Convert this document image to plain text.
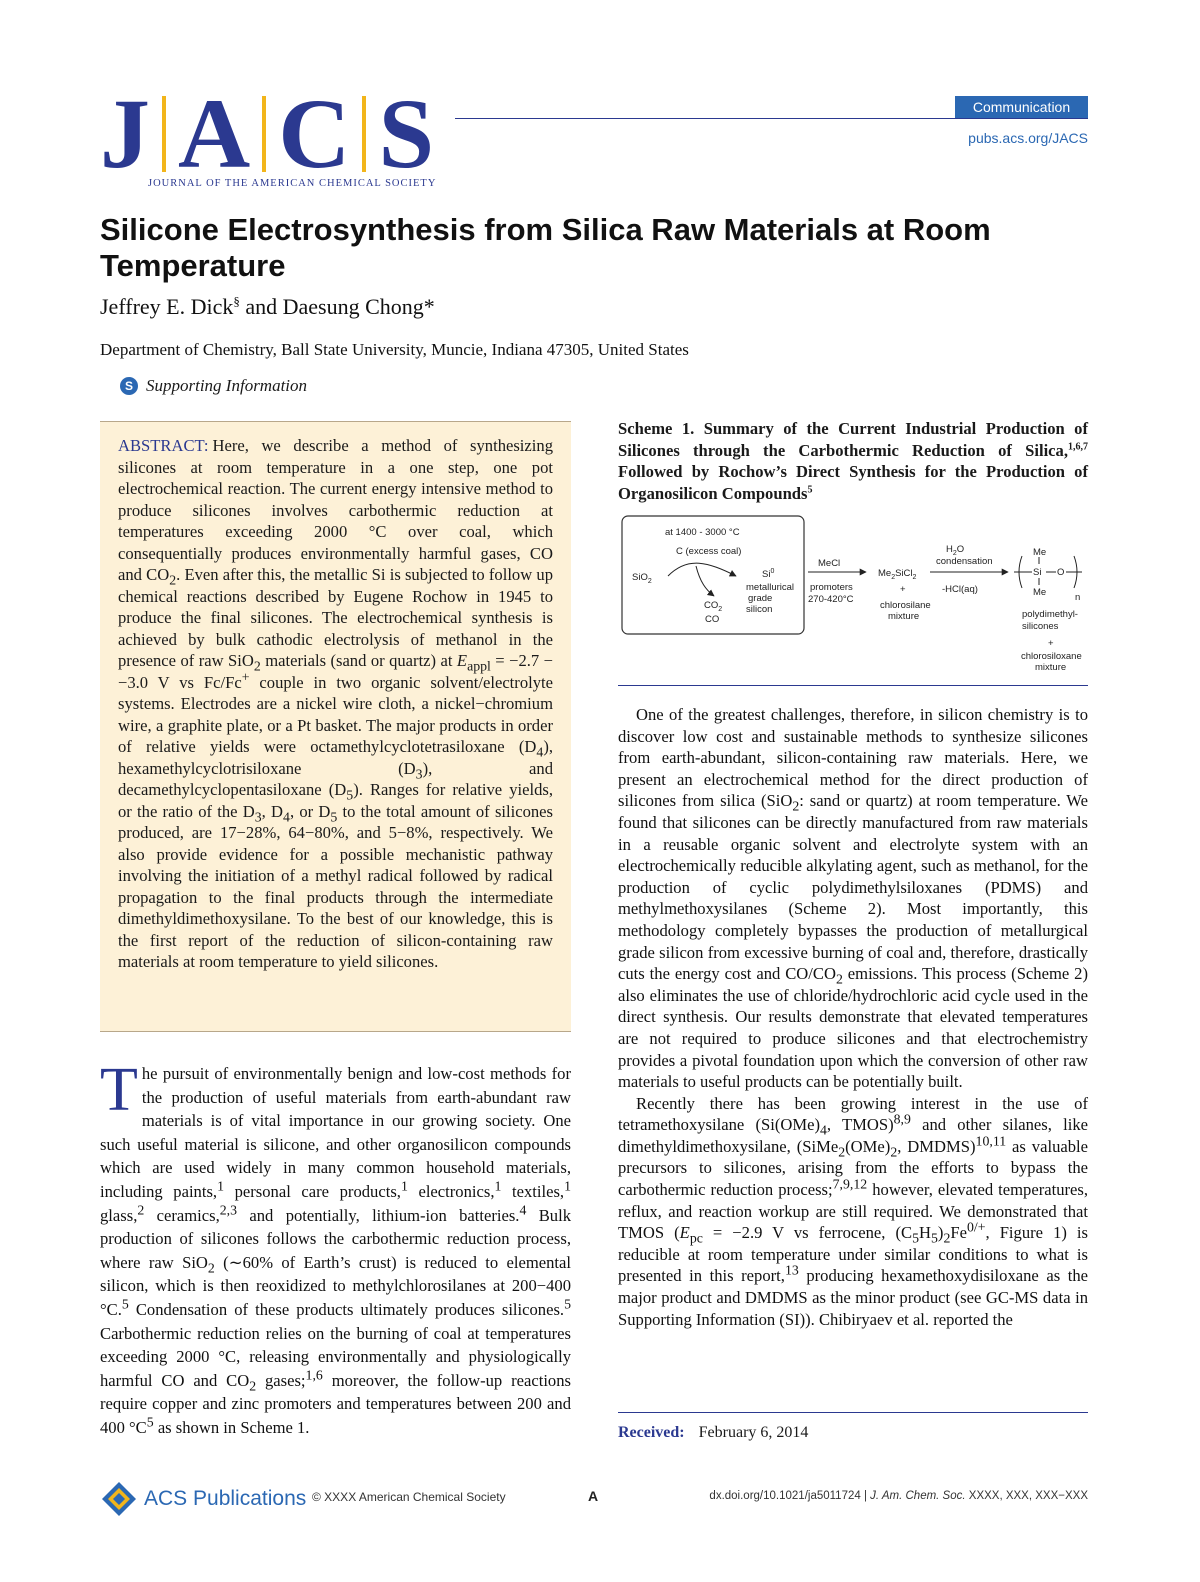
J A C S
JOURNAL OF THE AMERICAN CHEMICAL SOCIETY
Communication
pubs.acs.org/JACS
Silicone Electrosynthesis from Silica Raw Materials at Room Temperature
Jeffrey E. Dick§ and Daesung Chong*
Department of Chemistry, Ball State University, Muncie, Indiana 47305, United States
S Supporting Information

ABSTRACT: Here, we describe a method of synthesizing silicones at room temperature in a one step, one pot electrochemical reaction. The current energy intensive method to produce silicones involves carbothermic reduction at temperatures exceeding 2000 °C over coal, which consequentially produces environmentally harmful gases, CO and $CO_2$. Even after this, the metallic Si is subjected to follow up chemical reactions described by Eugene Rochow in 1945 to produce the final silicones. The electrochemical synthesis is achieved by bulk cathodic electrolysis of methanol in the presence of raw SiO$_2$ materials (sand or quartz) at $E_{appl} = -2.7 - -3.0$ V vs Fc/Fc+ couple in two organic solvent/electrolyte systems. Electrodes are a nickel wire cloth, a nickel−chromium wire, a graphite plate, or a Pt basket. The major products in order of relative yields were octamethylcyclotetrasiloxane $(D_4)$, hexamethylcyclotrisiloxane $(D_3)$, and decamethylcyclopentasiloxane $(D_5)$. Ranges for relative yields, or the ratio of the $D_3$, $D_4$, or $D_5$ to the total amount of silicones produced, are 17−28%, 64−80%, and 5−8%, respectively. We also provide evidence for a possible mechanistic pathway involving the initiation of a methyl radical followed by radical propagation to the final products through the intermediate dimethyldimethoxysilane. To the best of our knowledge, this is the first report of the reduction of silicon-containing raw materials at room temperature to yield silicones.

The pursuit of environmentally benign and low-cost methods for the production of useful materials from earth-abundant raw materials is of vital importance in our growing society. One such useful material is silicone, and other organosilicon compounds which are used widely in many common household materials, including paints,$^1$ personal care products,$^1$ electronics,$^1$ textiles,$^1$ glass,$^2$ ceramics,$^{2,3}$ and potentially, lithium-ion batteries.$^4$ Bulk production of silicones follows the carbothermic reduction process, where raw SiO$_2$ (∼60% of Earth’s crust) is reduced to elemental silicon, which is then reoxidized to methylchlorosilanes at 200−400 °C.$^5$ Condensation of these products ultimately produces silicones.$^5$ Carbothermic reduction relies on the burning of coal at temperatures exceeding 2000 °C, releasing environmentally and physiologically harmful CO and $CO_2$ gases;$^{1,6}$ moreover, the follow-up reactions require copper and zinc promoters and temperatures between 200 and 400 $^\circ C^5$ as shown in Scheme 1.

Scheme 1. Summary of the Current Industrial Production of Silicones through the Carbothermic Reduction of Silica,$^{1,6,7}$ Followed by Rochow’s Direct Synthesis for the Production of Organosilicon Compounds$^5$

at 1400 - 3000 °C
C (excess coal)
SiO$_2$
Si$^0$
metallurical
grade
silicon
$CO_2$
CO
MeCl
promoters
270-420°C
$Me_2SiCl_2$
+
chlorosilane
mixture
$H_2O$
condensation
-HCl(aq)
Si O
Me
Me	n
polydimethyl-
silicones
+
chlorosiloxane
mixture

One of the greatest challenges, therefore, in silicon chemistry is to discover low cost and sustainable methods to synthesize silicones from earth-abundant, silicon-containing raw materials. Here, we present an electrochemical method for the direct production of silicones from silica (SiO$_2$: sand or quartz) at room temperature. We found that silicones can be directly manufactured from raw materials in a reusable organic solvent and electrolyte system with an electrochemically reducible alkylating agent, such as methanol, for the production of cyclic polydimethylsiloxanes (PDMS) and methylmethoxysilanes (Scheme 2). Most importantly, this methodology completely bypasses the production of metallurgical grade silicon from excessive burning of coal and, therefore, drastically cuts the energy cost and $CO/CO_2$ emissions. This process (Scheme 2) also eliminates the use of chloride/hydrochloric acid cycle used in the direct synthesis. Our results demonstrate that elevated temperatures are not required to produce silicones and that electrochemistry provides a pivotal foundation upon which the conversion of other raw materials to useful products can be potentially built.

Recently there has been growing interest in the use of tetramethoxysilane ($Si(OMe)_4$, TMOS)$^{8,9}$ and other silanes, like dimethyldimethoxysilane, ($SiMe_2(OMe)_2$, DMDMS)$^{10,11}$ as valuable precursors to silicones, arising from the efforts to bypass the carbothermic reduction process;$^{7,9,12}$ however, elevated temperatures, reflux, and reaction workup are still required. We demonstrated that TMOS ($E_{pc} = -2.9$ V vs ferrocene, $(C_5H_5)_2Fe^{0/+}$, Figure 1) is reducible at room temperature under similar conditions to what is presented in this report,$^{13}$ producing hexamethoxydisiloxane as the major product and DMDMS as the minor product (see GC-MS data in Supporting Information (SI)). Chibiryaev et al. reported the

Received: February 6, 2014
ACS Publications © XXXX American Chemical Society	A	dx.doi.org/10.1021/ja5011724 | J. Am. Chem. Soc. XXXX, XXX, XXX−XXX
